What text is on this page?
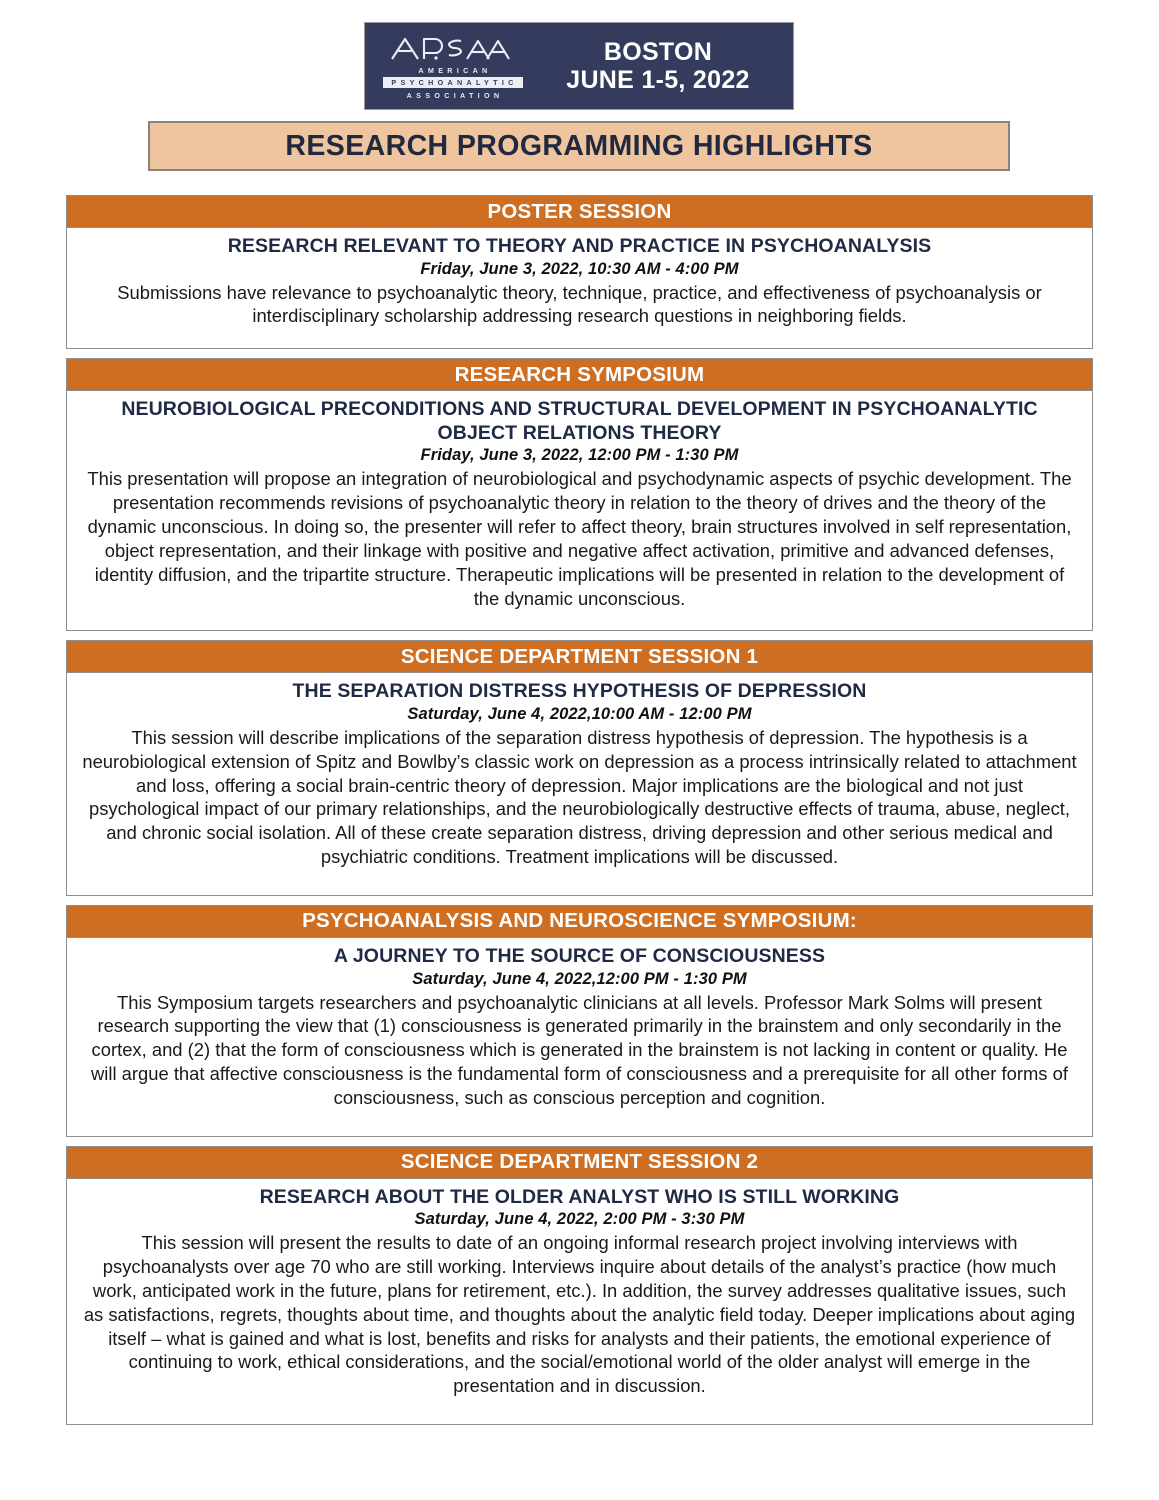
AMERICAN
PSYCHOANALYTIC
ASSOCIATION
BOSTON
JUNE 1-5, 2022
RESEARCH PROGRAMMING HIGHLIGHTS
POSTER SESSION
RESEARCH RELEVANT TO THEORY AND PRACTICE IN PSYCHOANALYSIS
Friday, June 3, 2022, 10:30 AM - 4:00 PM

Submissions have relevance to psychoanalytic theory, technique, practice, and effectiveness of psychoanalysis or interdisciplinary scholarship addressing research questions in neighboring fields.

RESEARCH SYMPOSIUM
NEUROBIOLOGICAL PRECONDITIONS AND STRUCTURAL DEVELOPMENT IN PSYCHOANALYTIC OBJECT RELATIONS THEORY
Friday, June 3, 2022, 12:00 PM - 1:30 PM

This presentation will propose an integration of neurobiological and psychodynamic aspects of psychic development. The presentation recommends revisions of psychoanalytic theory in relation to the theory of drives and the theory of the dynamic unconscious. In doing so, the presenter will refer to affect theory, brain structures involved in self representation, object representation, and their linkage with positive and negative affect activation, primitive and advanced defenses, identity diffusion, and the tripartite structure. Therapeutic implications will be presented in relation to the development of the dynamic unconscious.

SCIENCE DEPARTMENT SESSION 1
THE SEPARATION DISTRESS HYPOTHESIS OF DEPRESSION
Saturday, June 4, 2022,10:00 AM - 12:00 PM

This session will describe implications of the separation distress hypothesis of depression. The hypothesis is a neurobiological extension of Spitz and Bowlby’s classic work on depression as a process intrinsically related to attachment and loss, offering a social brain-centric theory of depression. Major implications are the biological and not just psychological impact of our primary relationships, and the neurobiologically destructive effects of trauma, abuse, neglect, and chronic social isolation. All of these create separation distress, driving depression and other serious medical and psychiatric conditions. Treatment implications will be discussed.

PSYCHOANALYSIS AND NEUROSCIENCE SYMPOSIUM:
A JOURNEY TO THE SOURCE OF CONSCIOUSNESS
Saturday, June 4, 2022,12:00 PM - 1:30 PM

This Symposium targets researchers and psychoanalytic clinicians at all levels. Professor Mark Solms will present research supporting the view that (1) consciousness is generated primarily in the brainstem and only secondarily in the cortex, and (2) that the form of consciousness which is generated in the brainstem is not lacking in content or quality. He will argue that affective consciousness is the fundamental form of consciousness and a prerequisite for all other forms of consciousness, such as conscious perception and cognition.

SCIENCE DEPARTMENT SESSION 2
RESEARCH ABOUT THE OLDER ANALYST WHO IS STILL WORKING
Saturday, June 4, 2022, 2:00 PM - 3:30 PM

This session will present the results to date of an ongoing informal research project involving interviews with psychoanalysts over age 70 who are still working. Interviews inquire about details of the analyst’s practice (how much work, anticipated work in the future, plans for retirement, etc.). In addition, the survey addresses qualitative issues, such as satisfactions, regrets, thoughts about time, and thoughts about the analytic field today. Deeper implications about aging itself – what is gained and what is lost, benefits and risks for analysts and their patients, the emotional experience of continuing to work, ethical considerations, and the social/emotional world of the older analyst will emerge in the presentation and in discussion.
